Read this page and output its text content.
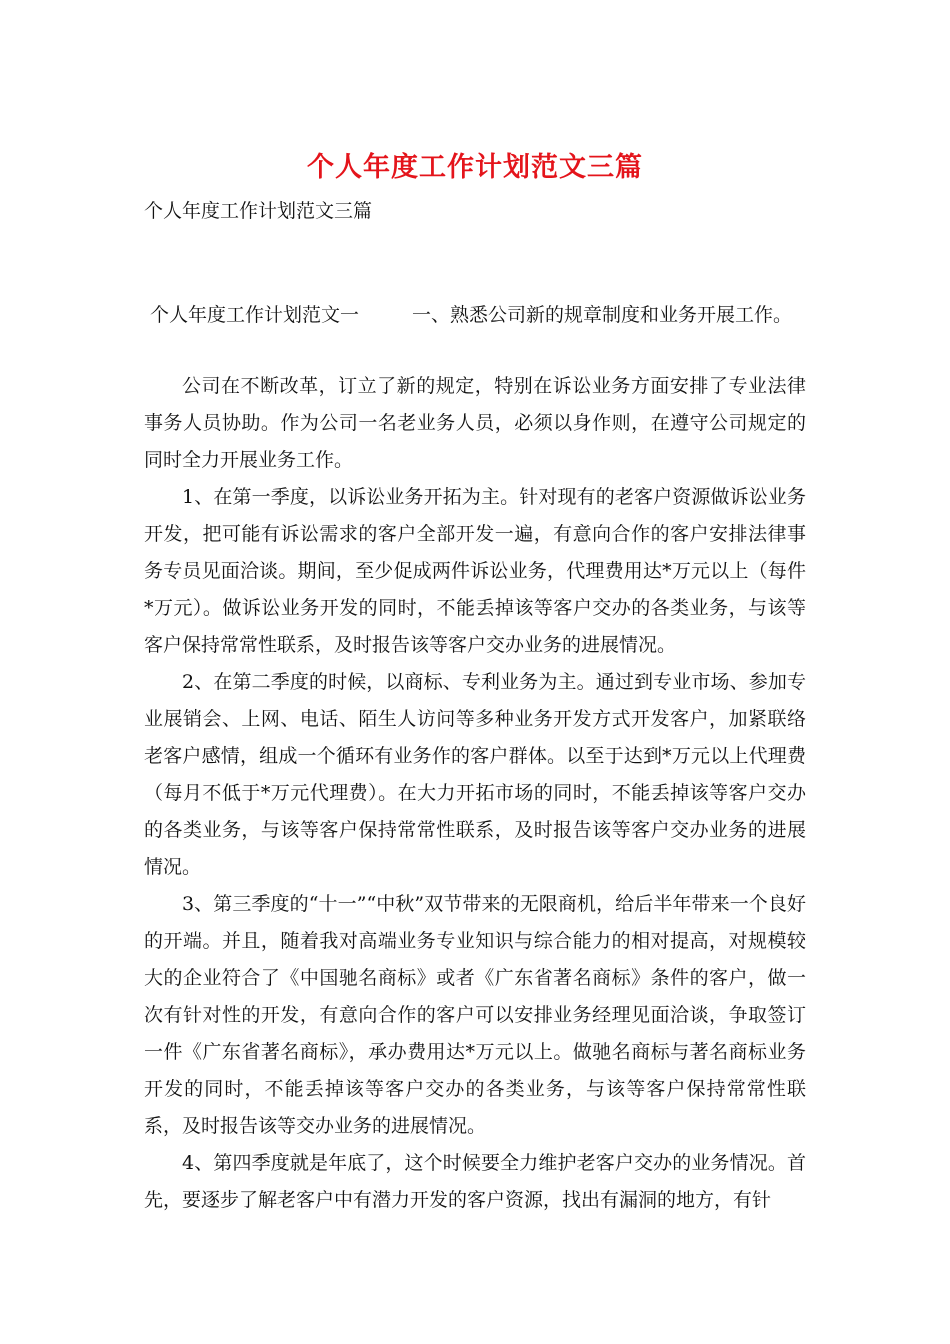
个人年度工作计划范文三篇
个人年度工作计划范文三篇
个人年度工作计划范文一	一、熟悉公司新的规章制度和业务开展工作。

公司在不断改革，订立了新的规定，特别在诉讼业务方面安排了专业法律事务人员协助。作为公司一名老业务人员，必须以身作则，在遵守公司规定的同时全力开展业务工作。

1、在第一季度，以诉讼业务开拓为主。针对现有的老客户资源做诉讼业务开发，把可能有诉讼需求的客户全部开发一遍，有意向合作的客户安排法律事务专员见面洽谈。期间，至少促成两件诉讼业务，代理费用达*万元以上（每件*万元）。做诉讼业务开发的同时，不能丢掉该等客户交办的各类业务，与该等客户保持常常性联系，及时报告该等客户交办业务的进展情况。

2、在第二季度的时候，以商标、专利业务为主。通过到专业市场、参加专业展销会、上网、电话、陌生人访问等多种业务开发方式开发客户，加紧联络老客户感情，组成一个循环有业务作的客户群体。以至于达到*万元以上代理费（每月不低于*万元代理费）。在大力开拓市场的同时，不能丢掉该等客户交办的各类业务，与该等客户保持常常性联系，及时报告该等客户交办业务的进展情况。

3、第三季度的“十一”“中秋”双节带来的无限商机，给后半年带来一个良好的开端。并且，随着我对高端业务专业知识与综合能力的相对提高，对规模较大的企业符合了《中国驰名商标》或者《广东省著名商标》条件的客户，做一次有针对性的开发，有意向合作的客户可以安排业务经理见面洽谈，争取签订一件《广东省著名商标》，承办费用达*万元以上。做驰名商标与著名商标业务开发的同时，不能丢掉该等客户交办的各类业务，与该等客户保持常常性联系，及时报告该等交办业务的进展情况。

4、第四季度就是年底了，这个时候要全力维护老客户交办的业务情况。首先，要逐步了解老客户中有潜力开发的客户资源，找出有漏洞的地方，有针
